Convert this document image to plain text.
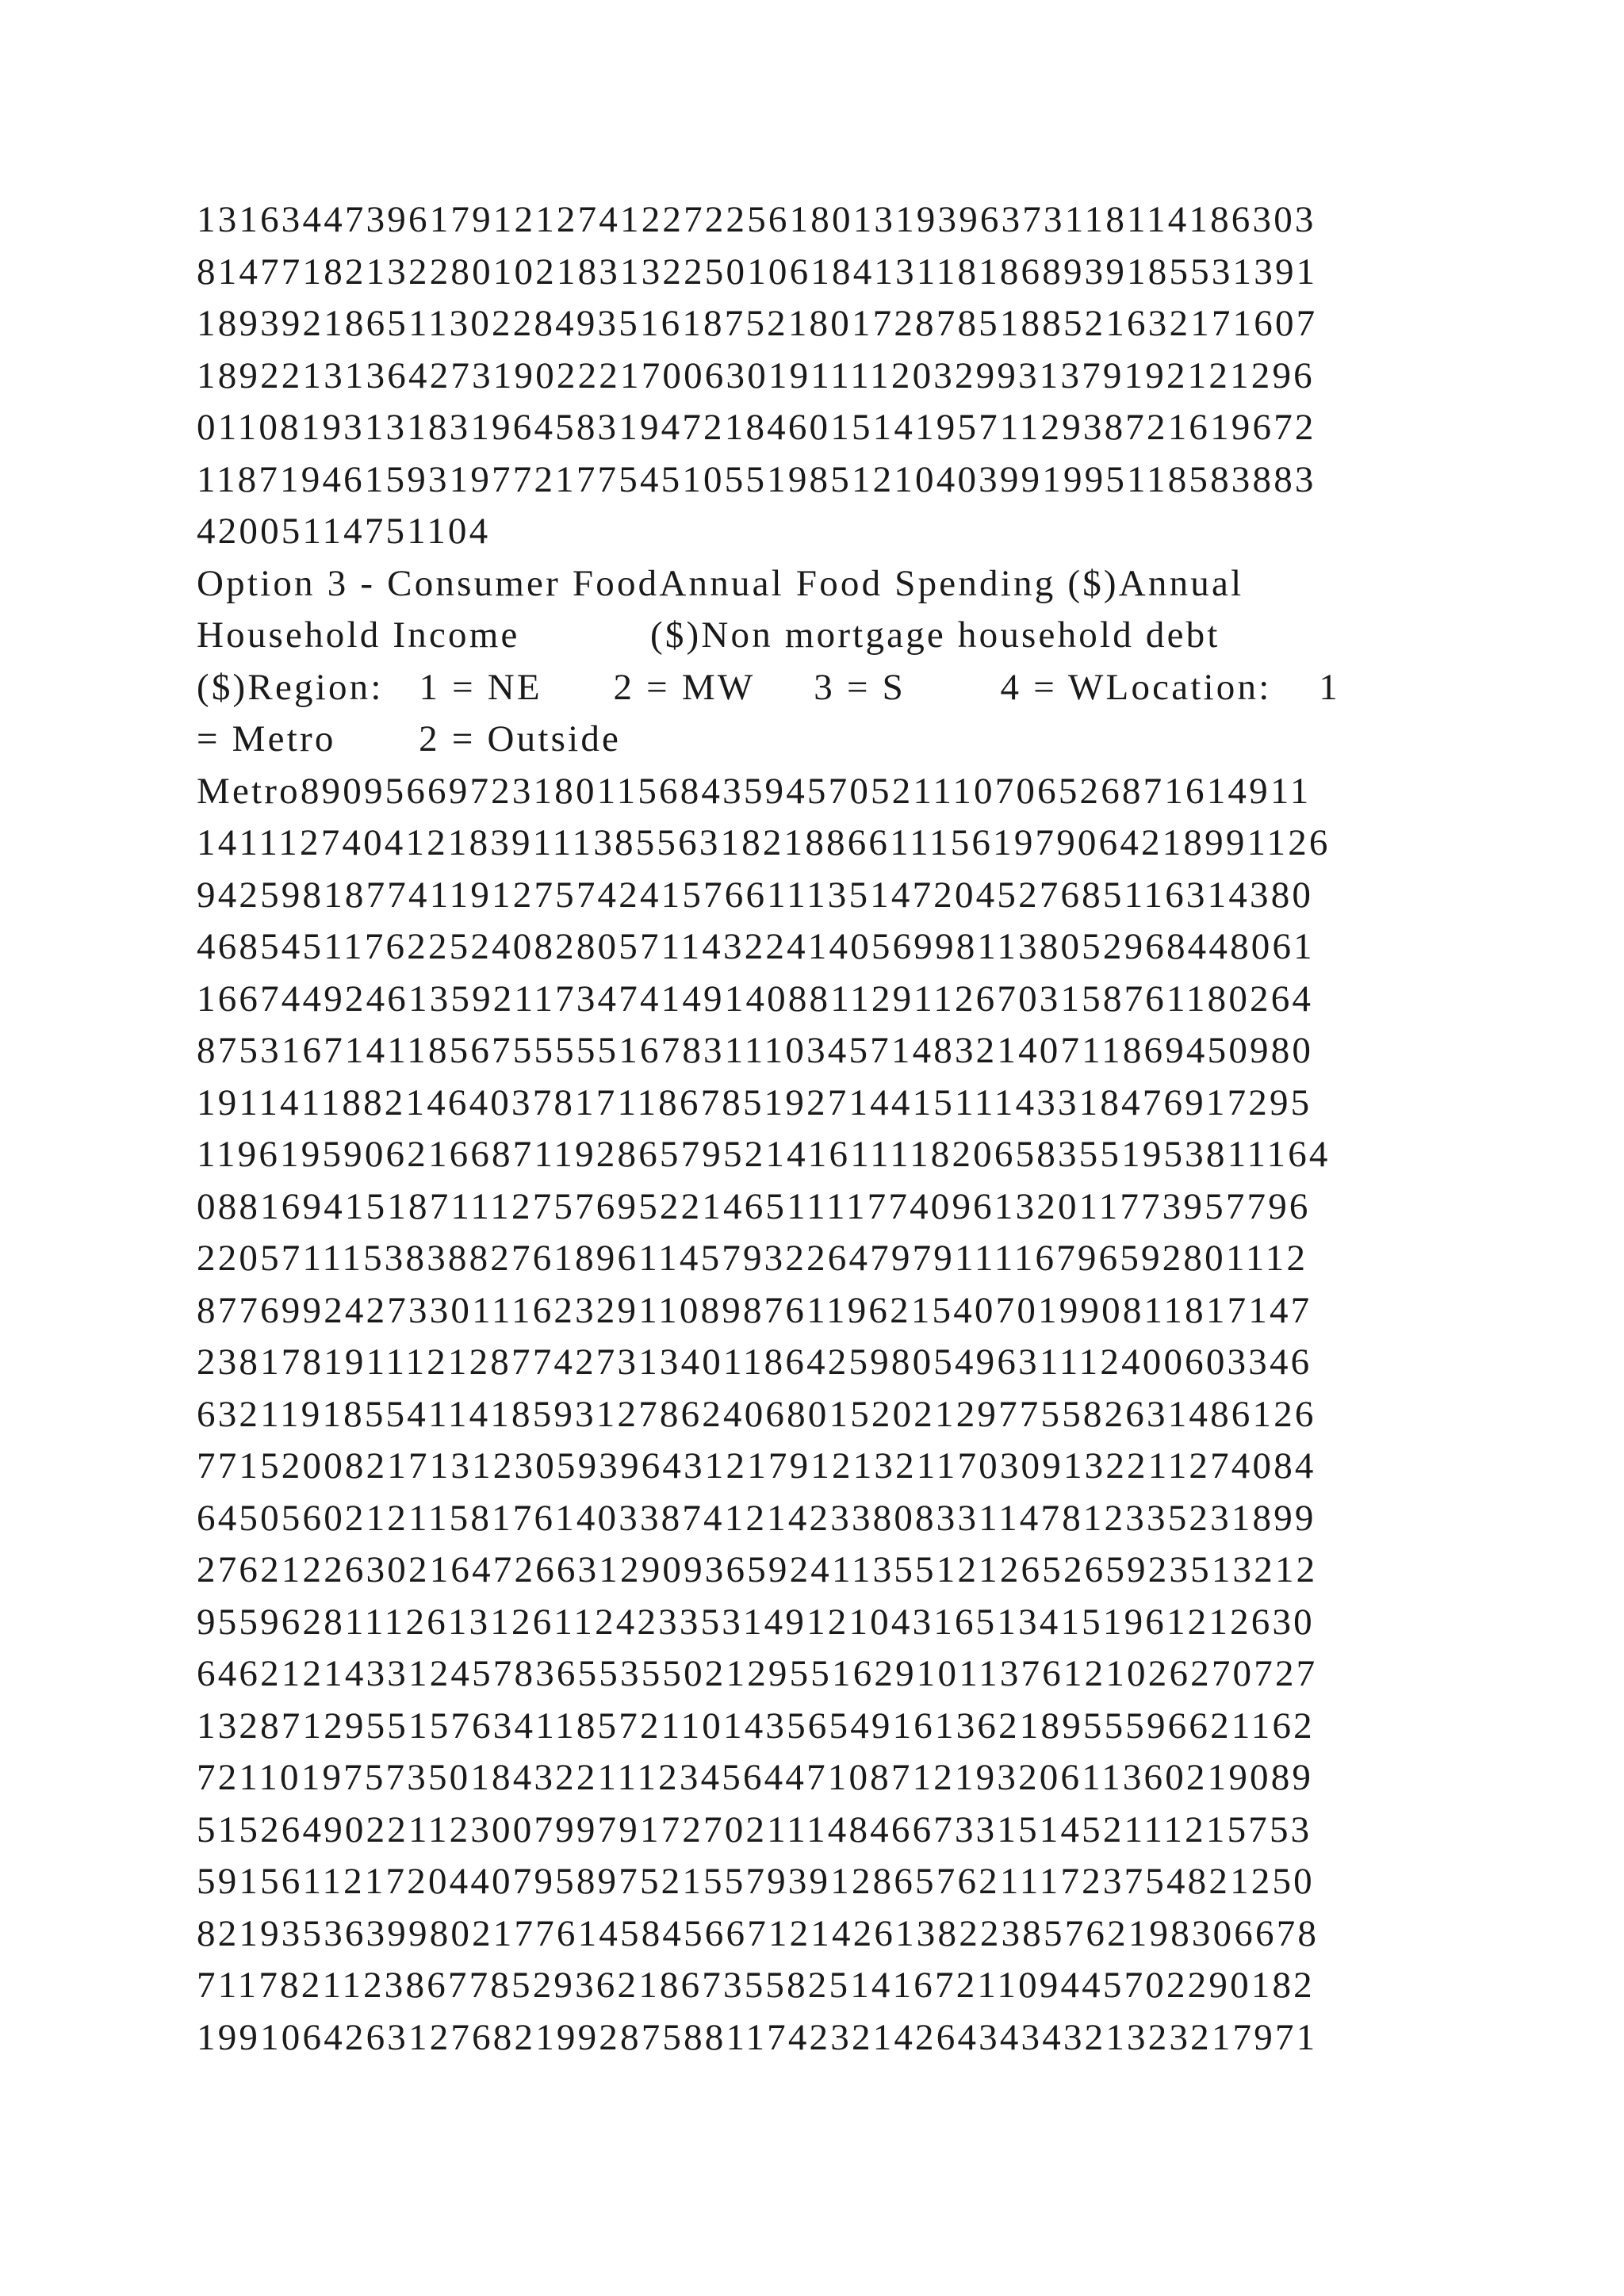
13163447396179121274122722561801319396373118114186303
81477182132280102183132250106184131181868939185531391
18939218651130228493516187521801728785188521632171607
18922131364273190222170063019111120329931379192121296
01108193131831964583194721846015141957112938721619672
11871946159319772177545105519851210403991995118583883
42005114751104
Option 3 - Consumer FoodAnnual Food Spending ($)Annual
Household Income           ($)Non mortgage household debt
($)Region:   1 = NE      2 = MW     3 = S        4 = WLocation:    1
= Metro       2 = Outside
Metro890956697231801156843594570521110706526871614911
141112740412183911138556318218866111561979064218991126
94259818774119127574241576611135147204527685116314380
46854511762252408280571143224140569981138052968448061
16674492461359211734741491408811291126703158761180264
87531671411856755555167831110345714832140711869450980
19114118821464037817118678519271441511143318476917295
119619590621668711928657952141611118206583551953811164
08816941518711127576952214651111774096132011773957796
22057111538388276189611457932264797911116796592801112
87769924273301116232911089876119621540701990811817147
23817819111212877427313401186425980549631112400603346
63211918554114185931278624068015202129775582631486126
77152008217131230593964312179121321170309132211274084
64505602121158176140338741214233808331147812335231899
27621226302164726631290936592411355121265265923513212
95596281112613126112423353149121043165134151961212630
64621214331245783655355021295516291011376121026270727
13287129551576341185721101435654916136218955596621162
72110197573501843221112345644710871219320611360219089
51526490221123007997917270211148466733151452111215753
59156112172044079589752155793912865762111723754821250
82193536399802177614584566712142613822385762198306678
71178211238677852936218673558251416721109445702290182
19910642631276821992875881174232142643434321323217971
